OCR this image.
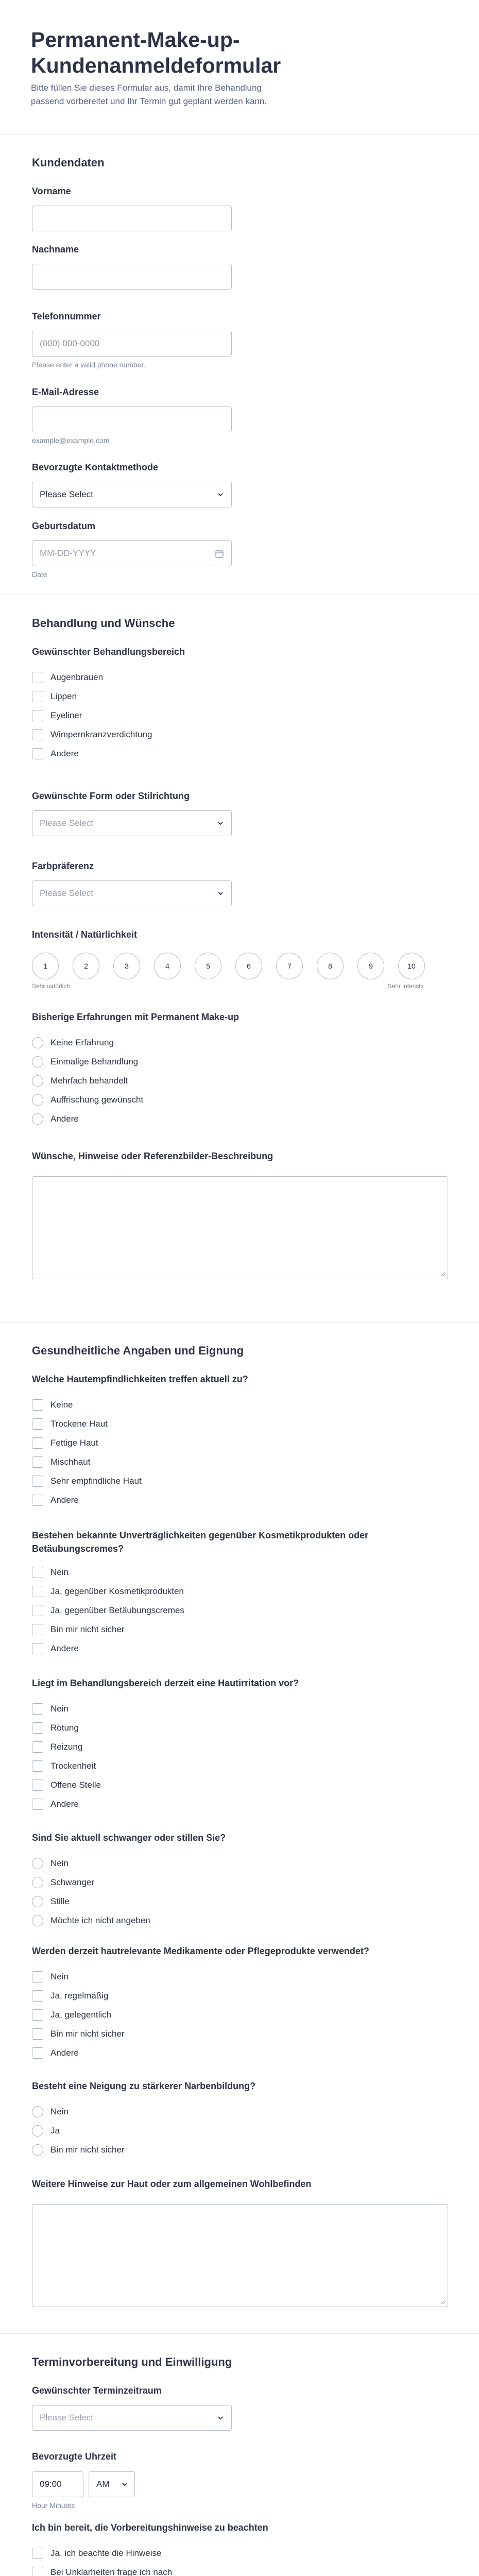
Permanent-Make-up-Kundenanmeldeformular

Bitte füllen Sie dieses Formular aus, damit Ihre Behandlung passend vorbereitet und Ihr Termin gut geplant werden kann.

Kundendaten
Vorname
Nachname
Telefonnummer
(000) 000-0000
Please enter a valid phone number.
E-Mail-Adresse
example@example.com
Bevorzugte Kontaktmethode
Please Select
Geburtsdatum
MM-DD-YYYY
Date
Behandlung und Wünsche
Gewünschter Behandlungsbereich
Augenbrauen
Lippen
Eyeliner
Wimpernkranzverdichtung
Andere
Gewünschte Form oder Stilrichtung
Please Select
Farbpräferenz
Please Select
Intensität / Natürlichkeit
1	2	3	4	5	6	7	8	9	10
Sehr natürlich	Sehr intensiv
Bisherige Erfahrungen mit Permanent Make-up
Keine Erfahrung
Einmalige Behandlung
Mehrfach behandelt
Auffrischung gewünscht
Andere
Wünsche, Hinweise oder Referenzbilder-Beschreibung
Gesundheitliche Angaben und Eignung
Welche Hautempfindlichkeiten treffen aktuell zu?
Keine
Trockene Haut
Fettige Haut
Mischhaut
Sehr empfindliche Haut
Andere
Bestehen bekannte Unverträglichkeiten gegenüber Kosmetikprodukten oder Betäubungscremes?
Nein
Ja, gegenüber Kosmetikprodukten
Ja, gegenüber Betäubungscremes
Bin mir nicht sicher
Andere
Liegt im Behandlungsbereich derzeit eine Hautirritation vor?
Nein
Rötung
Reizung
Trockenheit
Offene Stelle
Andere
Sind Sie aktuell schwanger oder stillen Sie?
Nein
Schwanger
Stille
Möchte ich nicht angeben
Werden derzeit hautrelevante Medikamente oder Pflegeprodukte verwendet?
Nein
Ja, regelmäßig
Ja, gelegentlich
Bin mir nicht sicher
Andere
Besteht eine Neigung zu stärkerer Narbenbildung?
Nein
Ja
Bin mir nicht sicher
Weitere Hinweise zur Haut oder zum allgemeinen Wohlbefinden
Terminvorbereitung und Einwilligung
Gewünschter Terminzeitraum
Please Select
Bevorzugte Uhrzeit
09:00	AM
Hour Minutes
Ich bin bereit, die Vorbereitungshinweise zu beachten
Ja, ich beachte die Hinweise
Bei Unklarheiten frage ich nach
